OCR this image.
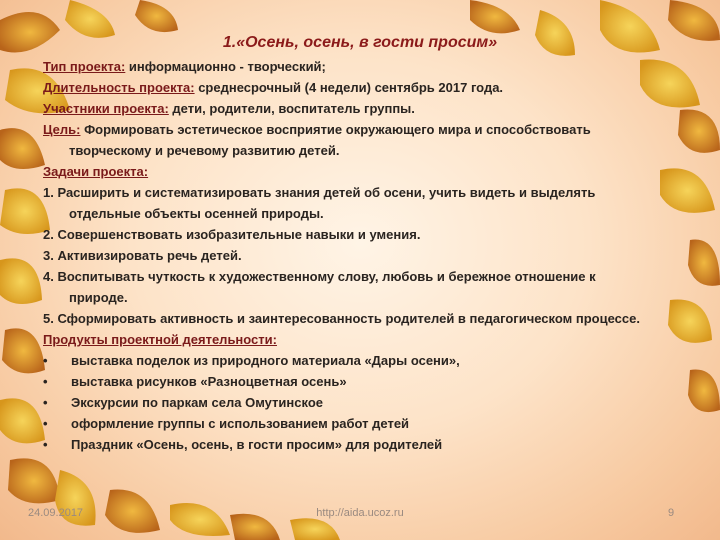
1.«Осень, осень, в гости просим»
Тип проекта: информационно - творческий;
Длительность проекта: среднесрочный (4 недели) сентябрь 2017 года.
Участники проекта: дети, родители, воспитатель группы.
Цель: Формировать эстетическое восприятие окружающего мира и способствовать творческому и речевому развитию детей.
Задачи проекта:
1. Расширить и систематизировать знания детей об осени, учить видеть и выделять отдельные объекты осенней природы.
2. Совершенствовать изобразительные навыки и умения.
3. Активизировать речь детей.
4. Воспитывать чуткость к художественному слову, любовь и бережное отношение к природе.
5. Сформировать активность и заинтересованность родителей в педагогическом процессе.
Продукты проектной деятельности:
• выставка поделок из природного материала «Дары осени»,
• выставка рисунков «Разноцветная осень»
• Экскурсии по паркам села Омутинское
• оформление группы с использованием работ детей
• Праздник «Осень, осень, в гости просим» для родителей
24.09.2017	http://aida.ucoz.ru	9
